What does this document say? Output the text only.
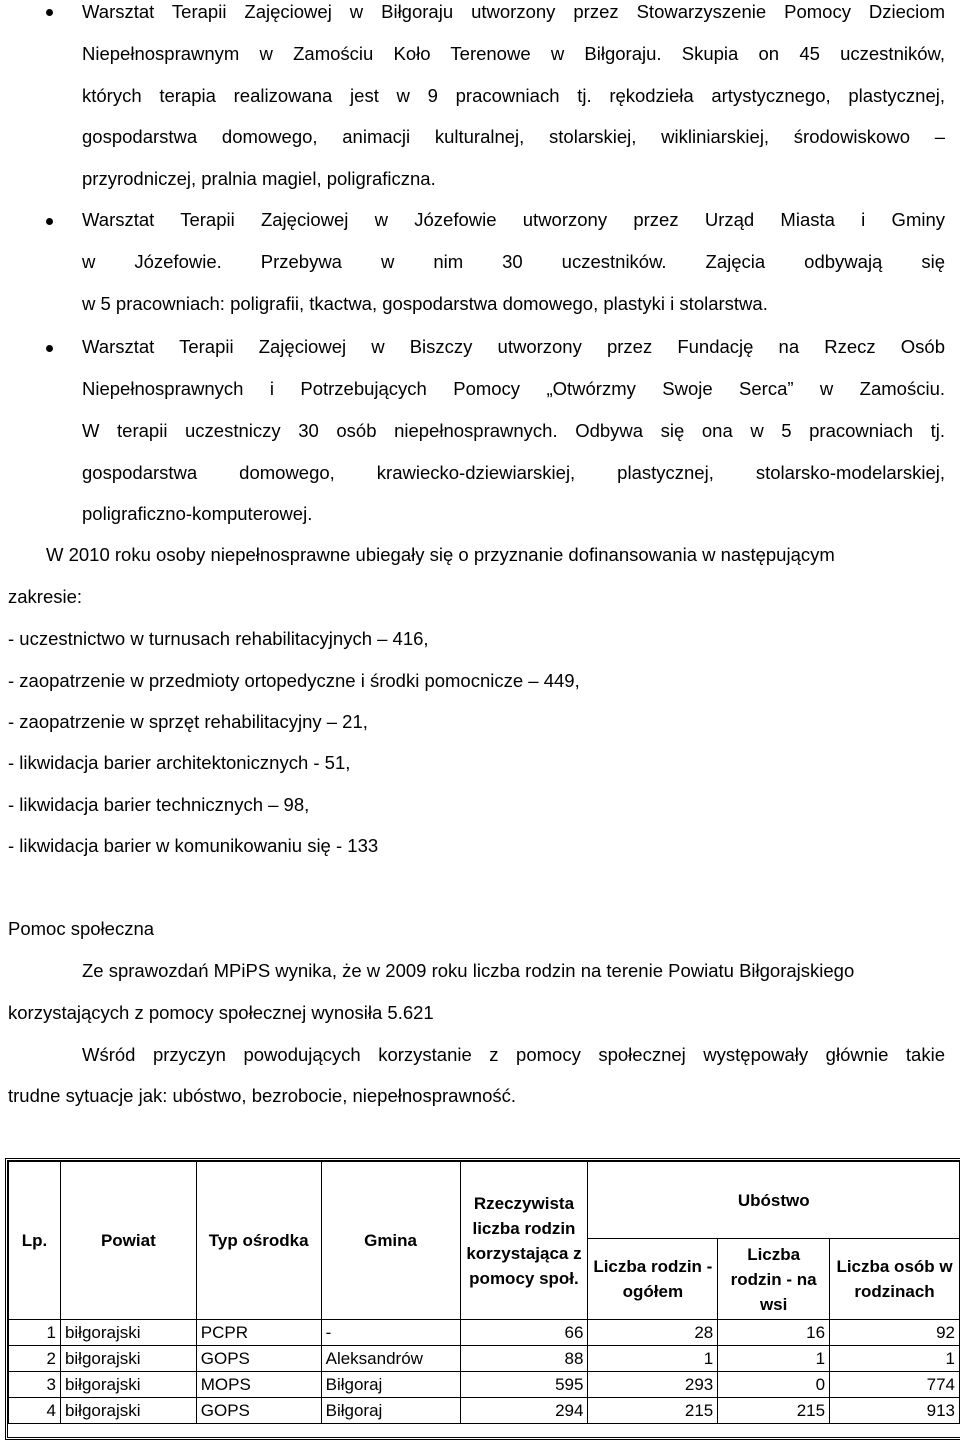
Warsztat Terapii Zajęciowej w Biłgoraju utworzony przez Stowarzyszenie Pomocy Dzieciom
Niepełnosprawnym w Zamościu Koło Terenowe w Biłgoraju. Skupia on 45 uczestników,
których terapia realizowana jest w 9 pracowniach tj. rękodzieła artystycznego, plastycznej,
gospodarstwa domowego, animacji kulturalnej, stolarskiej, wikliniarskiej, środowiskowo –
przyrodniczej, pralnia magiel, poligraficzna.
Warsztat Terapii Zajęciowej w Józefowie utworzony przez Urząd Miasta i Gminy
w Józefowie. Przebywa w nim 30 uczestników. Zajęcia odbywają się
w 5 pracowniach: poligrafii, tkactwa, gospodarstwa domowego, plastyki i stolarstwa.
Warsztat Terapii Zajęciowej w Biszczy utworzony przez Fundację na Rzecz Osób
Niepełnosprawnych i Potrzebujących Pomocy „Otwórzmy Swoje Serca” w Zamościu.
W terapii uczestniczy 30 osób niepełnosprawnych. Odbywa się ona w 5 pracowniach tj.
gospodarstwa domowego, krawiecko-dziewiarskiej, plastycznej, stolarsko-modelarskiej,
poligraficzno-komputerowej.
W 2010 roku osoby niepełnosprawne ubiegały się o przyznanie dofinansowania w następującym
zakresie:
- uczestnictwo w turnusach rehabilitacyjnych – 416,
- zaopatrzenie w przedmioty ortopedyczne i środki pomocnicze – 449,
- zaopatrzenie w sprzęt rehabilitacyjny – 21,
- likwidacja barier architektonicznych - 51,
- likwidacja barier technicznych – 98,
- likwidacja barier w komunikowaniu się - 133
Pomoc społeczna
Ze sprawozdań MPiPS wynika, że w 2009 roku liczba rodzin na terenie Powiatu Biłgorajskiego
korzystających z pomocy społecznej wynosiła 5.621
Wśród przyczyn powodujących korzystanie z pomocy społecznej występowały głównie takie
trudne sytuacje jak: ubóstwo, bezrobocie, niepełnosprawność.
Lp.	Powiat	Typ ośrodka	Gmina	Rzeczywista liczba rodzin korzystająca z pomocy społ.	Ubóstwo		
					Liczba rodzin - ogółem	Liczba rodzin - na wsi	Liczba osób w rodzinach
1	biłgorajski	PCPR	-	66	28	16	92
2	biłgorajski	GOPS	Aleksandrów	88	1	1	1
3	biłgorajski	MOPS	Biłgoraj	595	293	0	774
4	biłgorajski	GOPS	Biłgoraj	294	215	215	913
